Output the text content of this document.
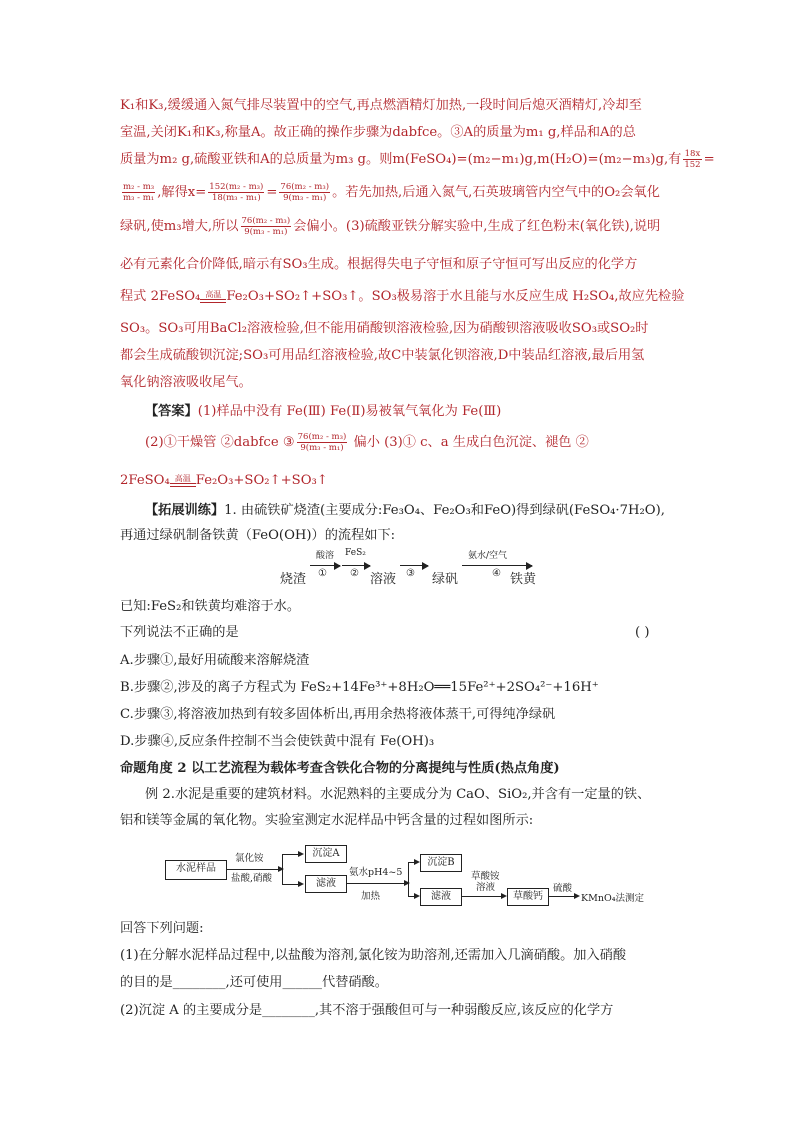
K₁和K₃,缓缓通入氮气排尽装置中的空气,再点燃酒精灯加热,一段时间后熄灭酒精灯,冷却至
室温,关闭K₁和K₃,称量A。故正确的操作步骤为dabfce。③A的质量为m₁ g,样品和A的总
质量为m₂ g,硫酸亚铁和A的总质量为m₃ g。则m(FeSO₄)=(m₂−m₁)g,m(H₂O)=(m₂−m₃)g,有 $\frac{18x}{152}$ =
$\frac{\text{m₂ - m₃}}{\text{m₃ - m₁}}$ ,解得$x= \frac{\text{152(m₂ - m₃)}}{\text{18(m₃ - m₁)}} = \frac{\text{76(m₂ - m₃)}}{\text{9(m₃ - m₁)}}$ 。若先加热,后通入氮气,石英玻璃管内空气中的O₂会氧化
绿矾,使m₃增大,所以 $\frac{\text{76(m₂ - m₃)}}{\text{9(m₃ - m₁)}}$ 会偏小。(3)硫酸亚铁分解实验中,生成了红色粉末(氧化铁),说明
必有元素化合价降低,暗示有SO₃生成。根据得失电子守恒和原子守恒可写出反应的化学方
程式 2FeSO₄ 高温 Fe₂O₃+SO₂↑+SO₃↑。SO₃极易溶于水且能与水反应生成 H₂SO₄,故应先检验
SO₃。SO₃可用BaCl₂溶液检验,但不能用硝酸钡溶液检验,因为硝酸钡溶液吸收SO₃或SO₂时
都会生成硫酸钡沉淀;SO₃可用品红溶液检验,故C中装氯化钡溶液,D中装品红溶液,最后用氢
氧化钠溶液吸收尾气。
【答案】(1)样品中没有 Fe(Ⅲ) Fe(Ⅱ)易被氧气氧化为 Fe(Ⅲ)
(2)①干燥管 ②dabfce ③ $\frac{\text{76(m₂ - m₃)}}{\text{9(m₃ - m₁)}}$ 偏小 (3)① c、a 生成白色沉淀、褪色 ②
2FeSO₄ 高温 Fe₂O₃+SO₂↑+SO₃↑
【拓展训练】1. 由硫铁矿烧渣(主要成分:Fe₃O₄、Fe₂O₃和FeO)得到绿矾(FeSO₄·7H₂O),
再通过绿矾制备铁黄（FeO(OH)）的流程如下:
烧渣
酸溶
①
FeS₂
② 溶液 ③ 绿矾
氨水/空气
④ 铁黄
已知:FeS₂和铁黄均难溶于水。
下列说法不正确的是	( )
A.步骤①,最好用硫酸来溶解烧渣
B.步骤②,涉及的离子方程式为 FeS₂+14Fe³⁺+8H₂O══15Fe²⁺+2SO₄²⁻+16H⁺
C.步骤③,将溶液加热到有较多固体析出,再用余热将液体蒸干,可得纯净绿矾
D.步骤④,反应条件控制不当会使铁黄中混有 Fe(OH)₃
命题角度 2 以工艺流程为载体考查含铁化合物的分离提纯与性质(热点角度)
例 2.水泥是重要的建筑材料。水泥熟料的主要成分为 CaO、SiO₂,并含有一定量的铁、
铝和镁等金属的氧化物。实验室测定水泥样品中钙含量的过程如图所示:
水泥样品
氯化铵
盐酸,硝酸
沉淀A
滤液
氨水pH4~5
加热
沉淀B
滤液
草酸铵
溶液
草酸钙
硫酸
KMnO₄法测定
回答下列问题:
(1)在分解水泥样品过程中,以盐酸为溶剂,氯化铵为助溶剂,还需加入几滴硝酸。加入硝酸
的目的是________,还可使用______代替硝酸。
(2)沉淀 A 的主要成分是________,其不溶于强酸但可与一种弱酸反应,该反应的化学方
